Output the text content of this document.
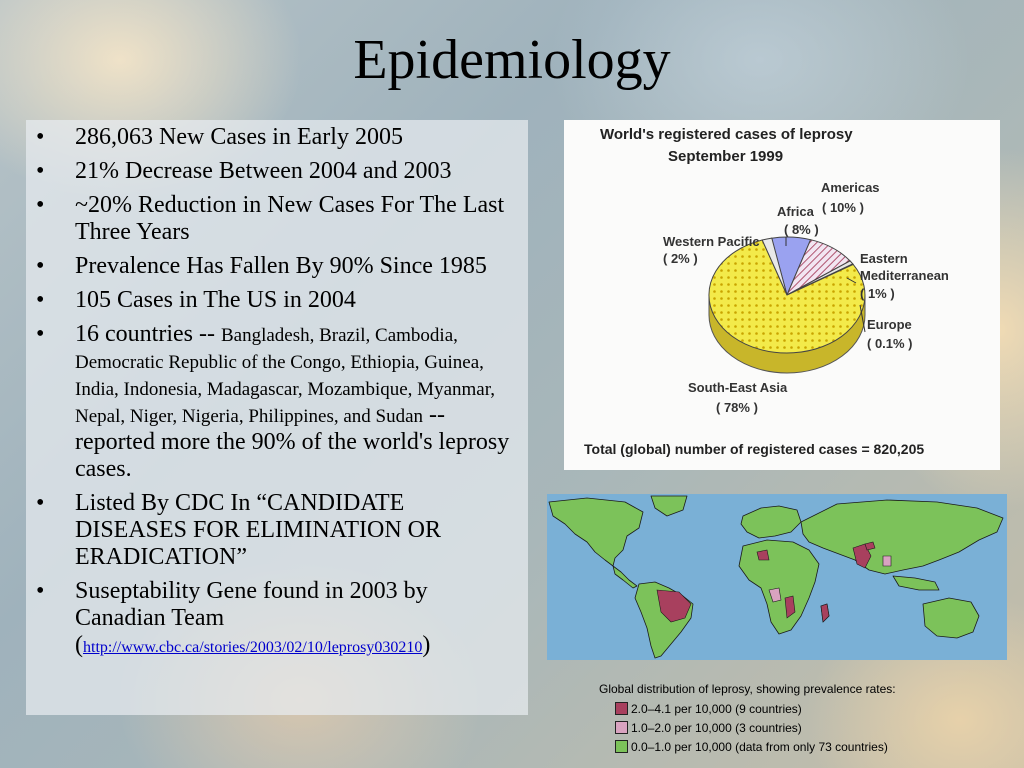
Epidemiology
• 286,063 New Cases in Early 2005
• 21% Decrease Between 2004 and 2003
• ~20% Reduction in New Cases For The Last Three Years
• Prevalence Has Fallen By 90% Since 1985
• 105 Cases in The US in 2004
• 16 countries -- Bangladesh, Brazil, Cambodia, Democratic Republic of the Congo, Ethiopia, Guinea, India, Indonesia, Madagascar, Mozambique, Myanmar, Nepal, Niger, Nigeria, Philippines, and Sudan -- reported more the 90% of the world's leprosy cases.
• Listed By CDC In “CANDIDATE DISEASES FOR ELIMINATION OR ERADICATION”
• Suseptability Gene found in 2003 by Canadian Team (http://www.cbc.ca/stories/2003/02/10/leprosy030210)
World's registered cases of leprosy
September 1999
Americas
( 10% )
Africa
( 8% )
Western Pacific
( 2% )	Eastern
Mediterranean
( 1% )
Europe
( 0.1% )
South-East Asia
( 78% )
Total (global) number of registered cases = 820,205
Global distribution of leprosy, showing prevalence rates:
2.0–4.1 per 10,000 (9 countries)
1.0–2.0 per 10,000 (3 countries)
0.0–1.0 per 10,000 (data from only 73 countries)
